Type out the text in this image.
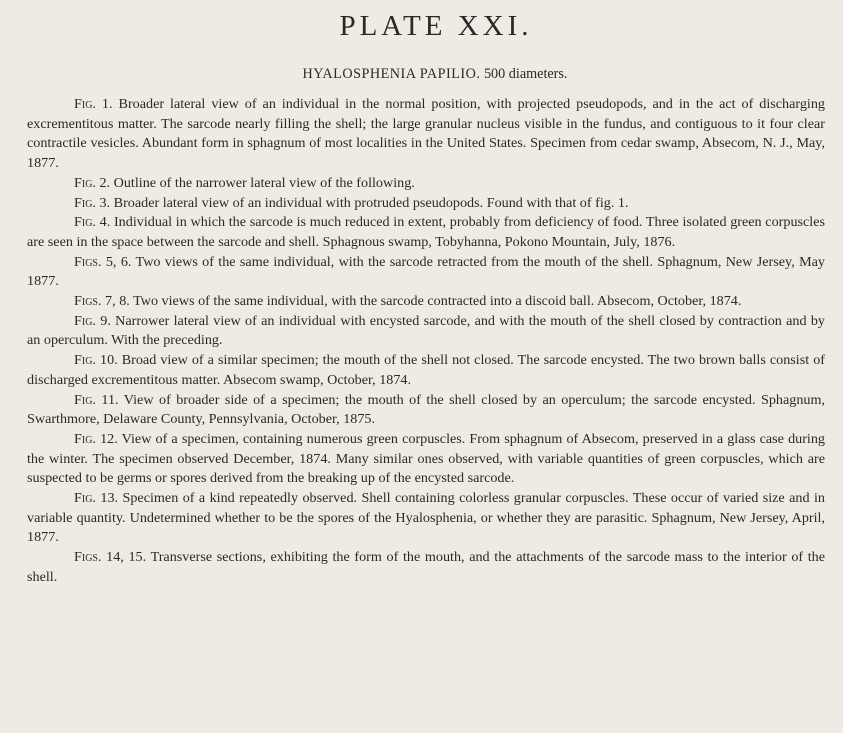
PLATE XXI.
HYALOSPHENIA PAPILIO. 500 diameters.

Fig. 1. Broader lateral view of an individual in the normal position, with projected pseudopods, and in the act of discharging excrementitous matter. The sarcode nearly filling the shell; the large granular nucleus visible in the fundus, and contiguous to it four clear contractile vesicles. Abundant form in sphagnum of most localities in the United States. Specimen from cedar swamp, Absecom, N. J., May, 1877.

Fig. 2. Outline of the narrower lateral view of the following.

Fig. 3. Broader lateral view of an individual with protruded pseudopods. Found with that of fig. 1.

Fig. 4. Individual in which the sarcode is much reduced in extent, probably from deficiency of food. Three isolated green corpuscles are seen in the space between the sarcode and shell. Sphagnous swamp, Tobyhanna, Pokono Mountain, July, 1876.

Figs. 5, 6. Two views of the same individual, with the sarcode retracted from the mouth of the shell. Sphagnum, New Jersey, May 1877.

Figs. 7, 8. Two views of the same individual, with the sarcode contracted into a discoid ball. Absecom, October, 1874.

Fig. 9. Narrower lateral view of an individual with encysted sarcode, and with the mouth of the shell closed by contraction and by an operculum. With the preceding.

Fig. 10. Broad view of a similar specimen; the mouth of the shell not closed. The sarcode encysted. The two brown balls consist of discharged excrementitous matter. Absecom swamp, October, 1874.

Fig. 11. View of broader side of a specimen; the mouth of the shell closed by an operculum; the sarcode encysted. Sphagnum, Swarthmore, Delaware County, Pennsylvania, October, 1875.

Fig. 12. View of a specimen, containing numerous green corpuscles. From sphagnum of Absecom, preserved in a glass case during the winter. The specimen observed December, 1874. Many similar ones observed, with variable quantities of green corpuscles, which are suspected to be germs or spores derived from the breaking up of the encysted sarcode.

Fig. 13. Specimen of a kind repeatedly observed. Shell containing colorless granular corpuscles. These occur of varied size and in variable quantity. Undetermined whether to be the spores of the Hyalosphenia, or whether they are parasitic. Sphagnum, New Jersey, April, 1877.

Figs. 14, 15. Transverse sections, exhibiting the form of the mouth, and the attachments of the sarcode mass to the interior of the shell.
